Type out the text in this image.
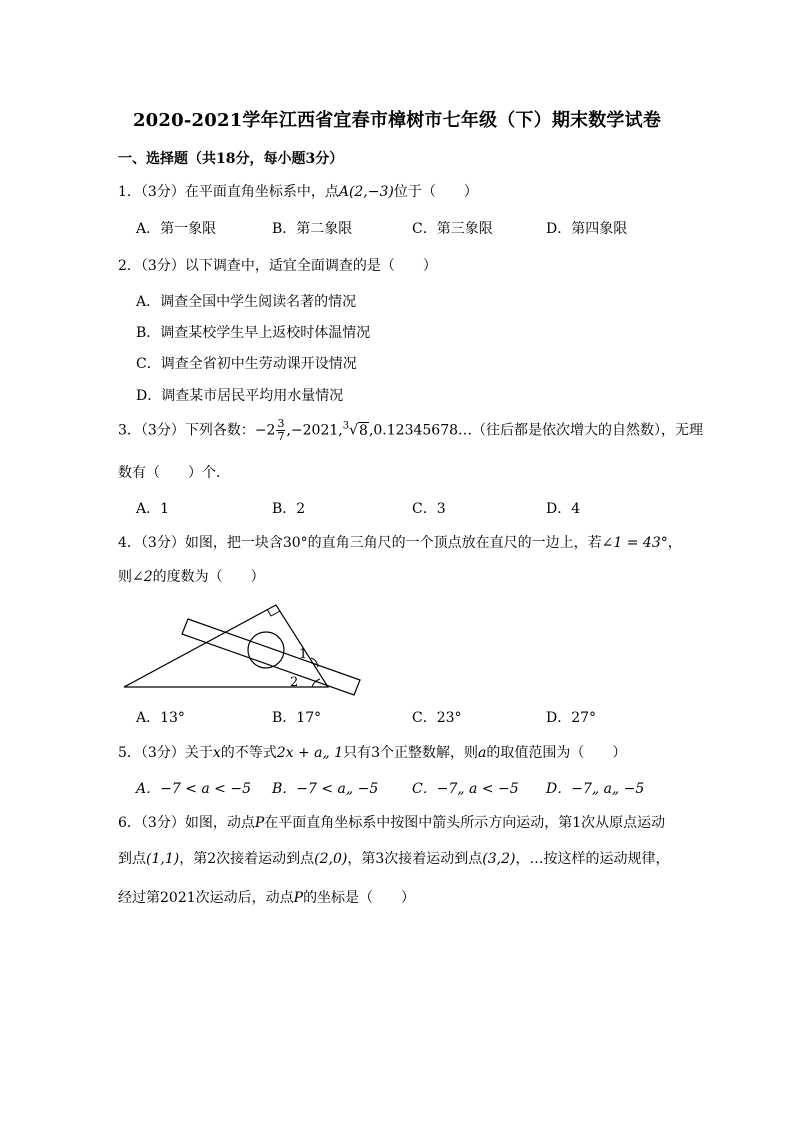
2020-2021学年江西省宜春市樟树市七年级（下）期末数学试卷
一、选择题（共18分，每小题3分）
1．（3分）在平面直角坐标系中，点A(2,−3)位于（　　）
A．第一象限	B．第二象限	C．第三象限	D．第四象限
2．（3分）以下调查中，适宜全面调查的是（　　）
A．调查全国中学生阅读名著的情况
B．调查某校学生早上返校时体温情况
C．调查全省初中生劳动课开设情况
D．调查某市居民平均用水量情况
3．（3分）下列各数：$-2 \frac{3}{7}$ ,−2021,$^3$√8,0.12345678…（往后都是依次增大的自然数），无理
数有（　　）个．
A．1	B．2	C．3	D．4
4．（3分）如图，把一块含30°的直角三角尺的一个顶点放在直尺的一边上，若∠1 = 43°，
则∠2的度数为（　　）
1
2
A．13°	B．17°	C．23°	D．27°
5．（3分）关于x的不等式2x + a„ 1只有3个正整数解，则a的取值范围为（　　）
A．−7 < a < −5 B．−7 < a„ −5 C．−7„ a < −5 D．−7„ a„ −5
6．（3分）如图，动点P在平面直角坐标系中按图中箭头所示方向运动，第1次从原点运动
到点(1,1)，第2次接着运动到点(2,0)，第3次接着运动到点(3,2)，…按这样的运动规律，
经过第2021次运动后，动点P的坐标是（　　）
